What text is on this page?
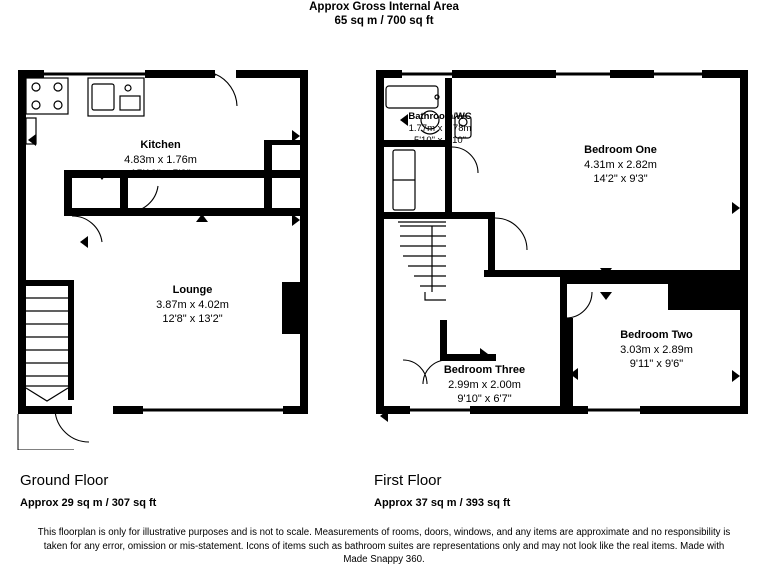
Approx Gross Internal Area
65 sq m / 700 sq ft
Kitchen
4.83m x 1.76m
15'10" x 5'9"
Lounge
3.87m x 4.02m
12'8" x 13'2"
Bathroom/WC
1.77m x 1.78m
5'10" x 5'10"
Bedroom One
4.31m x 2.82m
14'2" x 9'3"
Bedroom Two
3.03m x 2.89m
9'11" x 9'6"
Bedroom Three
2.99m x 2.00m
9'10" x 6'7"
Ground Floor
Approx 29 sq m / 307 sq ft
First Floor
Approx 37 sq m / 393 sq ft
This floorplan is only for illustrative purposes and is not to scale. Measurements of rooms, doors, windows, and any items are approximate and no responsibility is taken for any error, omission or mis-statement. Icons of items such as bathroom suites are representations only and may not look like the real items. Made with Made Snappy 360.
